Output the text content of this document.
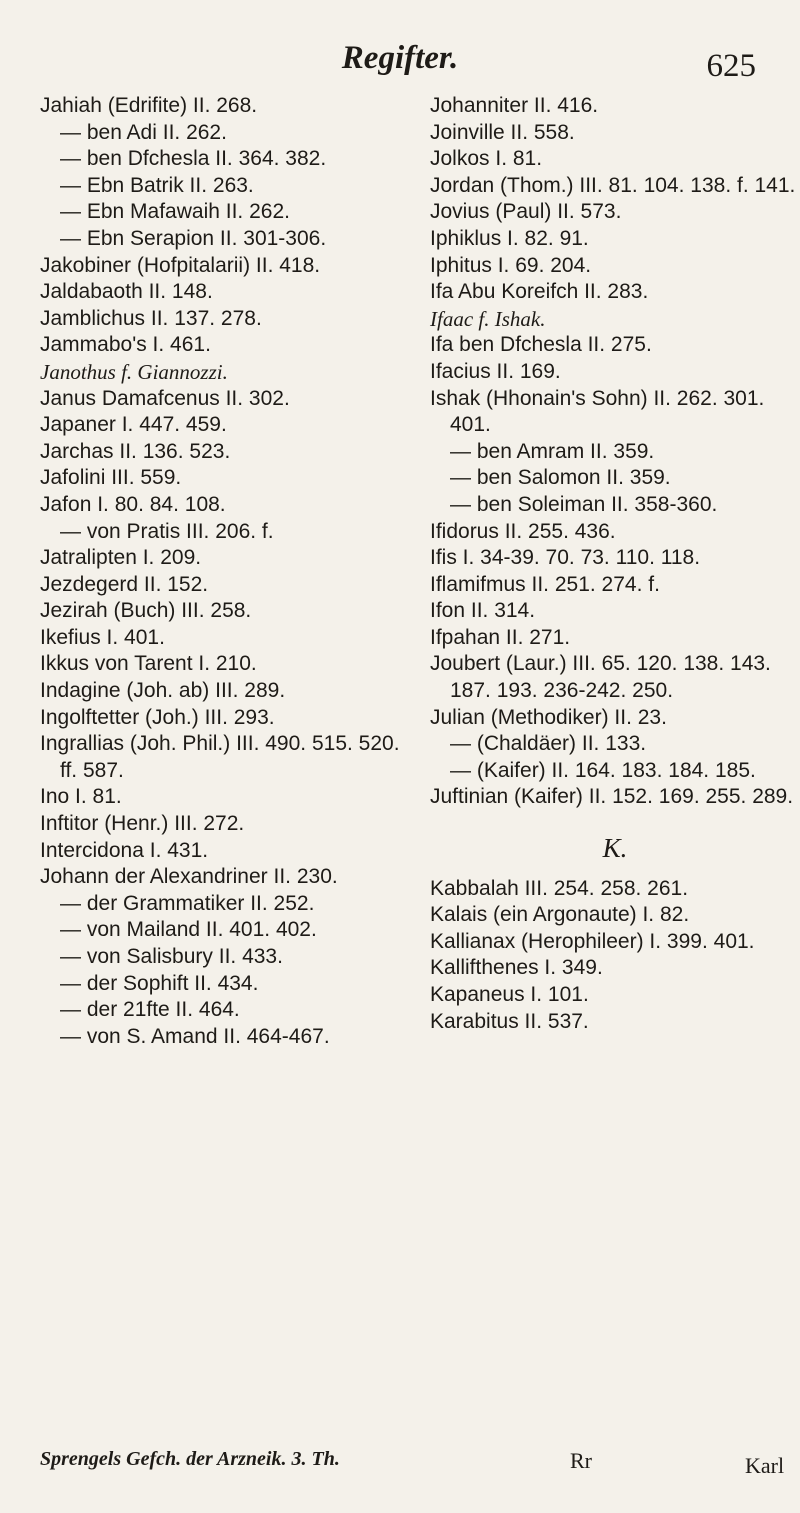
Regifter.	625

Jahiah (Edrifite) II. 268.

— ben Adi II. 262.

— ben Dfchesla II. 364. 382.

— Ebn Batrik II. 263.

— Ebn Mafawaih II. 262.

— Ebn Serapion II. 301-306.

Jakobiner (Hofpitalarii) II. 418.

Jaldabaoth II. 148.

Jamblichus II. 137. 278.

Jammabo's I. 461.

Janothus f. Giannozzi.

Janus Damafcenus II. 302.

Japaner I. 447. 459.

Jarchas II. 136. 523.

Jafolini III. 559.

Jafon I. 80. 84. 108.

— von Pratis III. 206. f.

Jatralipten I. 209.

Jezdegerd II. 152.

Jezirah (Buch) III. 258.

Ikefius I. 401.

Ikkus von Tarent I. 210.

Indagine (Joh. ab) III. 289.

Ingolftetter (Joh.) III. 293.

Ingrallias (Joh. Phil.) III. 490. 515. 520. ff. 587.

Ino I. 81.

Inftitor (Henr.) III. 272.

Intercidona I. 431.

Johann der Alexandriner II. 230.

— der Grammatiker II. 252.

— von Mailand II. 401. 402.

— von Salisbury II. 433.

— der Sophift II. 434.

— der 21fte II. 464.

— von S. Amand II. 464-467.

Johanniter II. 416.

Joinville II. 558.

Jolkos I. 81.

Jordan (Thom.) III. 81. 104. 138. f. 141.

Jovius (Paul) II. 573.

Iphiklus I. 82. 91.

Iphitus I. 69. 204.

Ifa Abu Koreifch II. 283.

Ifaac f. Ishak.

Ifa ben Dfchesla II. 275.

Ifacius II. 169.

Ishak (Hhonain's Sohn) II. 262. 301. 401.

— ben Amram II. 359.

— ben Salomon II. 359.

— ben Soleiman II. 358-360.

Ifidorus II. 255. 436.

Ifis I. 34-39. 70. 73. 110. 118.

Iflamifmus II. 251. 274. f.

Ifon II. 314.

Ifpahan II. 271.

Joubert (Laur.) III. 65. 120. 138. 143. 187. 193. 236-242. 250.

Julian (Methodiker) II. 23.

— (Chaldäer) II. 133.

— (Kaifer) II. 164. 183. 184. 185.

Juftinian (Kaifer) II. 152. 169. 255. 289.

K.

Kabbalah III. 254. 258. 261.

Kalais (ein Argonaute) I. 82.

Kallianax (Herophileer) I. 399. 401.

Kallifthenes I. 349.

Kapaneus I. 101.

Karabitus II. 537.

Sprengels Gefch. der Arzneik. 3. Th.	Rr	Karl
